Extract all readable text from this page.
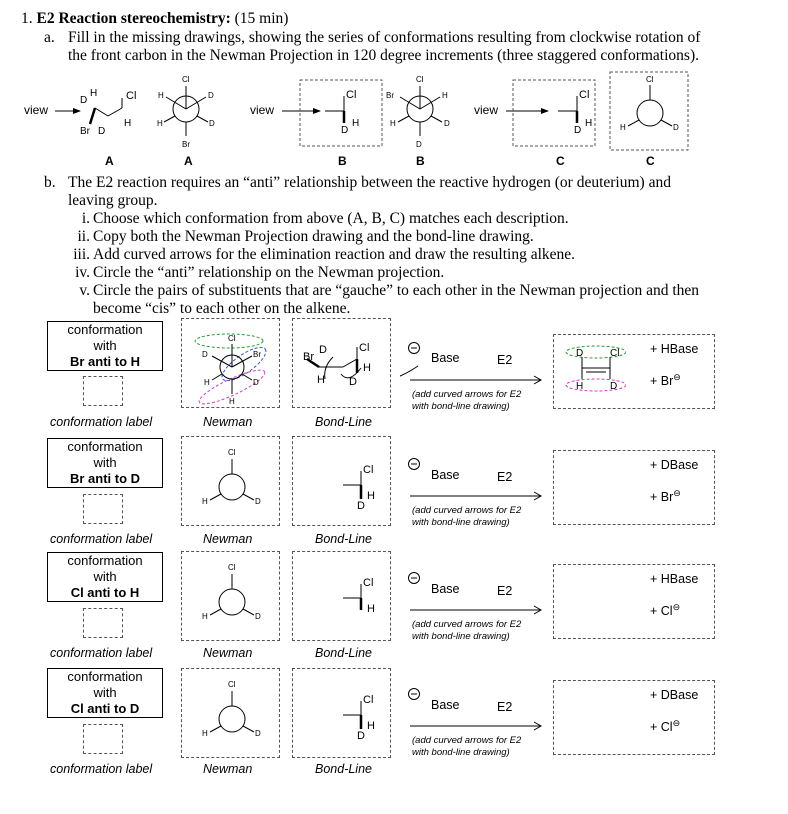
1. E2 Reaction stereochemistry: (15 min)
a. Fill in the missing drawings, showing the series of conformations resulting from clockwise rotation of
the front carbon in the Newman Projection in 120 degree increments (three staggered conformations).
view
D
H	Cl
Br D
H
Cl
H	D
H	D
Br
view
Cl
D
H
Cl
Br	H
H	D
D
view
Cl
D
H
Cl
H	D
A	A	B	B	C	C
b. The E2 reaction requires an “anti” relationship between the reactive hydrogen (or deuterium) and
leaving group.
i. Choose which conformation from above (A, B, C) matches each description.
ii. Copy both the Newman Projection drawing and the bond-line drawing.
iii. Add curved arrows for the elimination reaction and draw the resulting alkene.
iv. Circle the “anti” relationship on the Newman projection.
v. Circle the pairs of substituents that are “gauche” to each other in the Newman projection and then
become “cis” to each other on the alkene.
conformation
with
Br anti to H
conformation label
Cl
D	Br
H	D
H
Newman
D
Br
Cl
H D
H
Bond-Line
Base	E2
(add curved arrows for E2
with bond-line drawing)
D	Cl
H	D
+ HBase
+ Br⊖
conformation
with
Br anti to D
conformation label
Cl
H	D
Newman
Cl
H
D
Bond-Line
Base	E2
(add curved arrows for E2
with bond-line drawing)
+ DBase
+ Br⊖
conformation
with
Cl anti to H
conformation label
Cl
H	D
Newman
Cl
H
Bond-Line
Base	E2
(add curved arrows for E2
with bond-line drawing)
+ HBase
+ Cl⊖
conformation
with
Cl anti to D
conformation label
Cl
H	D
Newman
Cl
H
D
Bond-Line
Base	E2
(add curved arrows for E2
with bond-line drawing)
+ DBase
+ Cl⊖
